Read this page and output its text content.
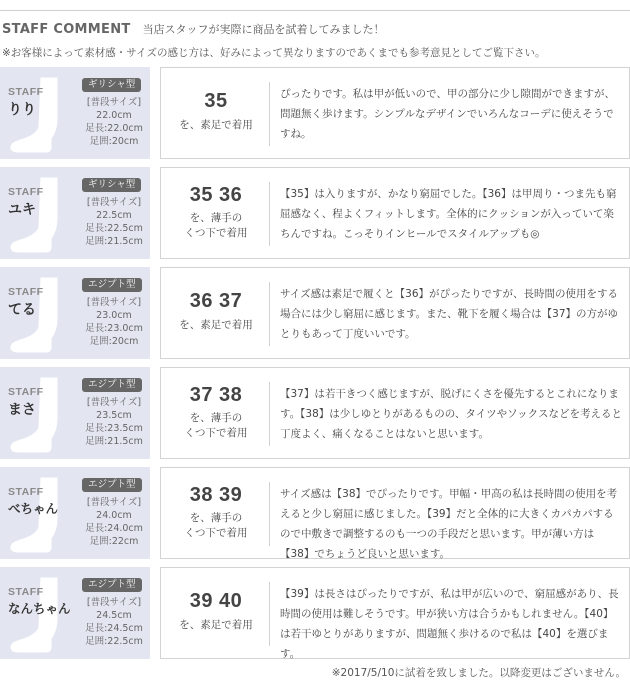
STAFF COMMENT 当店スタッフが実際に商品を試着してみました！
※お客様によって素材感・サイズの感じ方は、好みによって異なりますのであくまでも参考意見としてご覧下さい。
STAFF
りり
ギリシャ型
[普段サイズ]
22.0cm
足長:22.0cm
足囲:20cm
35
を、素足で着用
ぴったりです。私は甲が低いので、甲の部分に少し隙間ができますが、問題無く歩けます。シンプルなデザインでいろんなコーデに使えそうですね。
STAFF
ユキ
ギリシャ型
[普段サイズ]
22.5cm
足長:22.5cm
足囲:21.5cm
35 36
を、薄手の
くつ下で着用
【35】は入りますが、かなり窮屈でした。【36】は甲周り・つま先も窮屈感なく、程よくフィットします。全体的にクッションが入っていて楽ちんですね。こっそりインヒールでスタイルアップも◎
STAFF
てる
エジプト型
[普段サイズ]
23.0cm
足長:23.0cm
足囲:20cm
36 37
を、素足で着用
サイズ感は素足で履くと【36】がぴったりですが、長時間の使用をする場合には少し窮屈に感じます。また、靴下を履く場合は【37】の方がゆとりもあって丁度いいです。
STAFF
まさ
エジプト型
[普段サイズ]
23.5cm
足長:23.5cm
足囲:21.5cm
37 38
を、薄手の
くつ下で着用
【37】は若干きつく感じますが、脱げにくさを優先するとこれになります。【38】は少しゆとりがあるものの、タイツやソックスなどを考えると丁度よく、痛くなることはないと思います。
STAFF
べちゃん
エジプト型
[普段サイズ]
24.0cm
足長:24.0cm
足囲:22cm
38 39
を、薄手の
くつ下で着用
サイズ感は【38】でぴったりです。甲幅・甲高の私は長時間の使用を考えると少し窮屈に感じました。【39】だと全体的に大きくカパカパするので中敷きで調整するのも一つの手段だと思います。甲が薄い方は【38】でちょうど良いと思います。
STAFF
なんちゃん
エジプト型
[普段サイズ]
24.5cm
足長:24.5cm
足囲:22.5cm
39 40
を、素足で着用
【39】は長さはぴったりですが、私は甲が広いので、窮屈感があり、長時間の使用は難しそうです。甲が狭い方は合うかもしれません。【40】は若干ゆとりがありますが、問題無く歩けるので私は【40】を選びます。
※2017/5/10に試着を致しました。以降変更はございません。
